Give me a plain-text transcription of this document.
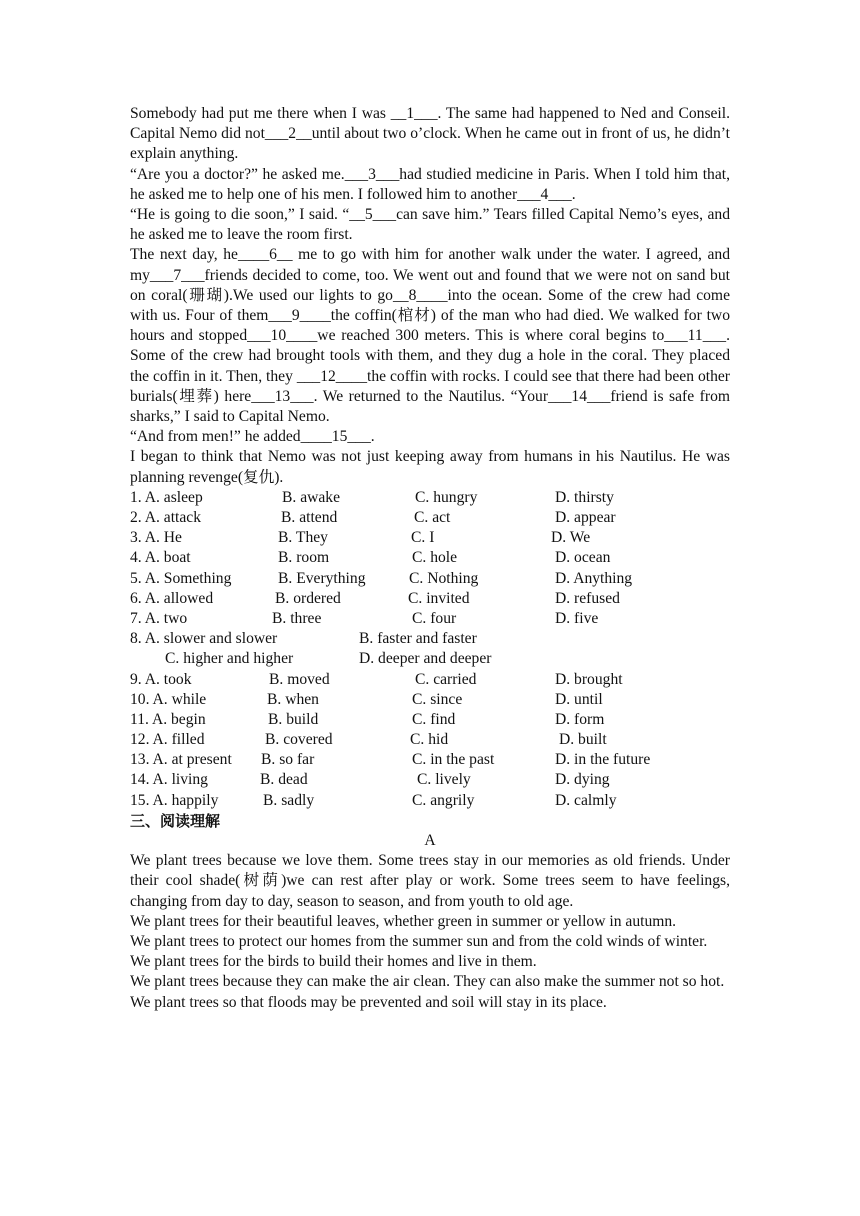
Somebody had put me there when I was __1___. The same had happened to Ned and Conseil. Capital Nemo did not___2__until about two o’clock. When he came out in front of us, he didn’t explain anything.

“Are you a doctor?” he asked me.___3___had studied medicine in Paris. When I told him that, he asked me to help one of his men. I followed him to another___4___.

“He is going to die soon,” I said. “__5___can save him.” Tears filled Capital Nemo’s eyes, and he asked me to leave the room first.

The next day, he____6__ me to go with him for another walk under the water. I agreed, and my___7___friends decided to come, too. We went out and found that we were not on sand but on coral(珊瑚).We used our lights to go__8____into the ocean. Some of the crew had come with us. Four of them___9____the coffin(棺材) of the man who had died. We walked for two hours and stopped___10____we reached 300 meters. This is where coral begins to___11___. Some of the crew had brought tools with them, and they dug a hole in the coral. They placed the coffin in it. Then, they ___12____the coffin with rocks. I could see that there had been other burials(埋葬) here___13___. We returned to the Nautilus. “Your___14___friend is safe from sharks,” I said to Capital Nemo.

“And from men!” he added____15___.

I began to think that Nemo was not just keeping away from humans in his Nautilus. He was planning revenge(复仇).

1. A. asleep	B. awake	C. hungry	D. thirsty
2. A. attack	B. attend	C. act	D. appear
3. A. He	B. They	C. I	D. We
4. A. boat	B. room	C. hole	D. ocean
5. A. Something	B. Everything	C. Nothing	D. Anything
6. A. allowed	B. ordered	C. invited	D. refused
7. A. two	B. three	C. four	D. five
8. A. slower and slower	B. faster and faster
C. higher and higher	D. deeper and deeper
9. A. took	B. moved	C. carried	D. brought
10. A. while	B. when	C. since	D. until
11. A. begin	B. build	C. find	D. form
12. A. filled	B. covered	C. hid	D. built
13. A. at present B. so far	C. in the past	D. in the future
14. A. living	B. dead	C. lively	D. dying
15. A. happily	B. sadly	C. angrily	D. calmly

三、阅读理解

A

We plant trees because we love them. Some trees stay in our memories as old friends. Under their cool shade(树荫)we can rest after play or work. Some trees seem to have feelings, changing from day to day, season to season, and from youth to old age.

We plant trees for their beautiful leaves, whether green in summer or yellow in autumn.

We plant trees to protect our homes from the summer sun and from the cold winds of winter.

We plant trees for the birds to build their homes and live in them.

We plant trees because they can make the air clean. They can also make the summer not so hot.

We plant trees so that floods may be prevented and soil will stay in its place.
